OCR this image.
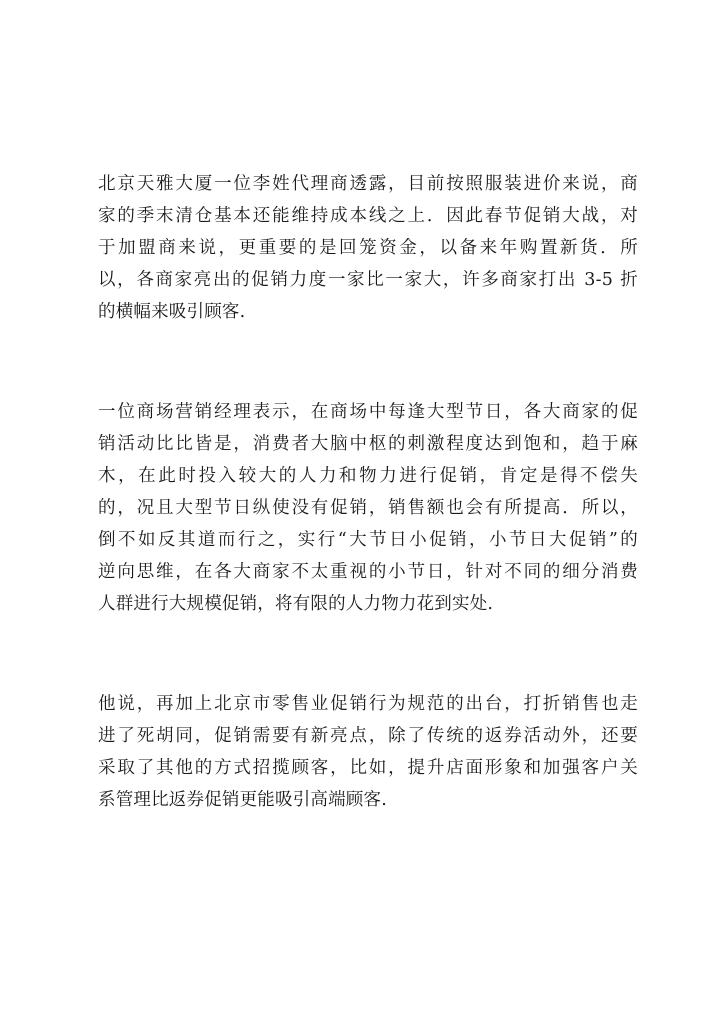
北京天雅大厦一位李姓代理商透露，目前按照服装进价来说，商
家的季末清仓基本还能维持成本线之上．因此春节促销大战，对
于加盟商来说，更重要的是回笼资金，以备来年购置新货．所
以，各商家亮出的促销力度一家比一家大，许多商家打出 3-5 折
的横幅来吸引顾客.
一位商场营销经理表示，在商场中每逢大型节日，各大商家的促
销活动比比皆是，消费者大脑中枢的刺激程度达到饱和，趋于麻
木，在此时投入较大的人力和物力进行促销，肯定是得不偿失
的，况且大型节日纵使没有促销，销售额也会有所提高．所以，
倒不如反其道而行之，实行“大节日小促销，小节日大促销”的
逆向思维，在各大商家不太重视的小节日，针对不同的细分消费
人群进行大规模促销，将有限的人力物力花到实处.
他说，再加上北京市零售业促销行为规范的出台，打折销售也走
进了死胡同，促销需要有新亮点，除了传统的返券活动外，还要
采取了其他的方式招揽顾客，比如，提升店面形象和加强客户关
系管理比返券促销更能吸引高端顾客.
